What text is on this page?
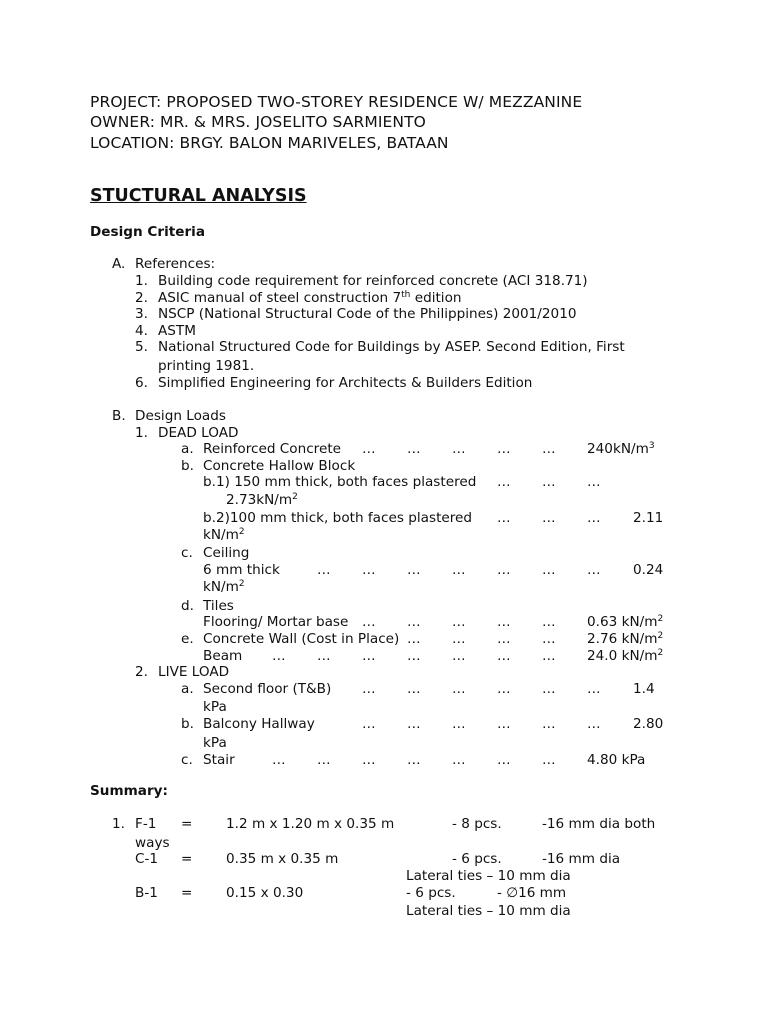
PROJECT: PROPOSED TWO-STOREY RESIDENCE W/ MEZZANINE
OWNER: MR. & MRS. JOSELITO SARMIENTO
LOCATION: BRGY. BALON MARIVELES, BATAAN
STUCTURAL ANALYSIS
Design Criteria
A. References:
1. Building code requirement for reinforced concrete (ACI 318.71)
2. ASIC manual of steel construction 7th edition
3. NSCP (National Structural Code of the Philippines) 2001/2010
4. ASTM
5. National Structured Code for Buildings by ASEP. Second Edition, First
printing 1981.
6. Simplified Engineering for Architects & Builders Edition
B. Design Loads
1. DEAD LOAD
a. Reinforced Concrete … … … … … $240kN/m^3$
b. Concrete Hallow Block
b.1) 150 mm thick, both faces plastered … … …
$2.73kN/m^2$
b.2)100 mm thick, both faces plastered … … … 2.11
$kN/m^2$
c. Ceiling
6 mm thick	… … … … … … … 0.24
$kN/m^2$
d. Tiles
Flooring/ Mortar base … … … … … 0.63 $kN/m^2$
e. Concrete Wall (Cost in Place) … … … … 2.76 $kN/m^2$
Beam … … … … … … … 24.0 $kN/m^2$
2. LIVE LOAD
a. Second floor (T&B) … … … … … … 1.4
kPa
b. Balcony Hallway	… … … … … … 2.80
kPa
c. Stair	… … … … … … … 4.80 kPa
Summary:
1. F-1 = 1.2 m x 1.20 m x 0.35 m	- 8 pcs.	-16 mm dia both
ways
C-1 = 0.35 m x 0.35 m	- 6 pcs.	-16 mm dia
Lateral ties – 10 mm dia
B-1 = 0.15 x 0.30	- 6 pcs.	- ∅16 mm
Lateral ties – 10 mm dia
